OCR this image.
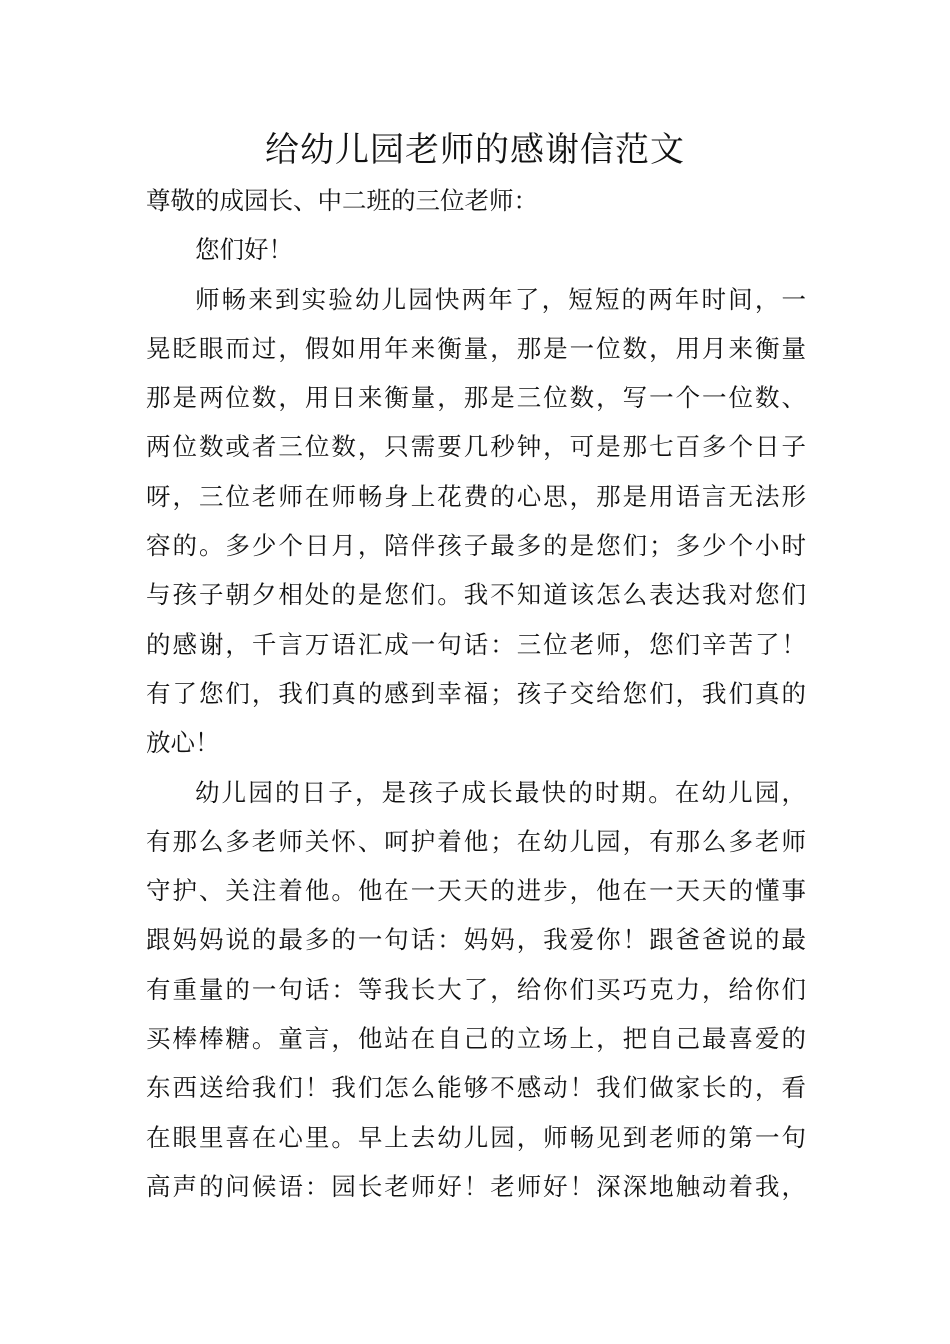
给幼儿园老师的感谢信范文
尊敬的成园长、中二班的三位老师：
您们好！
师畅来到实验幼儿园快两年了，短短的两年时间，一
晃眨眼而过，假如用年来衡量，那是一位数，用月来衡量
那是两位数，用日来衡量，那是三位数，写一个一位数、
两位数或者三位数，只需要几秒钟，可是那七百多个日子
呀，三位老师在师畅身上花费的心思，那是用语言无法形
容的。多少个日月，陪伴孩子最多的是您们；多少个小时
与孩子朝夕相处的是您们。我不知道该怎么表达我对您们
的感谢，千言万语汇成一句话：三位老师，您们辛苦了！
有了您们，我们真的感到幸福；孩子交给您们，我们真的
放心！
幼儿园的日子，是孩子成长最快的时期。在幼儿园，
有那么多老师关怀、呵护着他；在幼儿园，有那么多老师
守护、关注着他。他在一天天的进步，他在一天天的懂事
跟妈妈说的最多的一句话：妈妈，我爱你！跟爸爸说的最
有重量的一句话：等我长大了，给你们买巧克力，给你们
买棒棒糖。童言，他站在自己的立场上，把自己最喜爱的
东西送给我们！我们怎么能够不感动！我们做家长的，看
在眼里喜在心里。早上去幼儿园，师畅见到老师的第一句
高声的问候语：园长老师好！老师好！深深地触动着我，
